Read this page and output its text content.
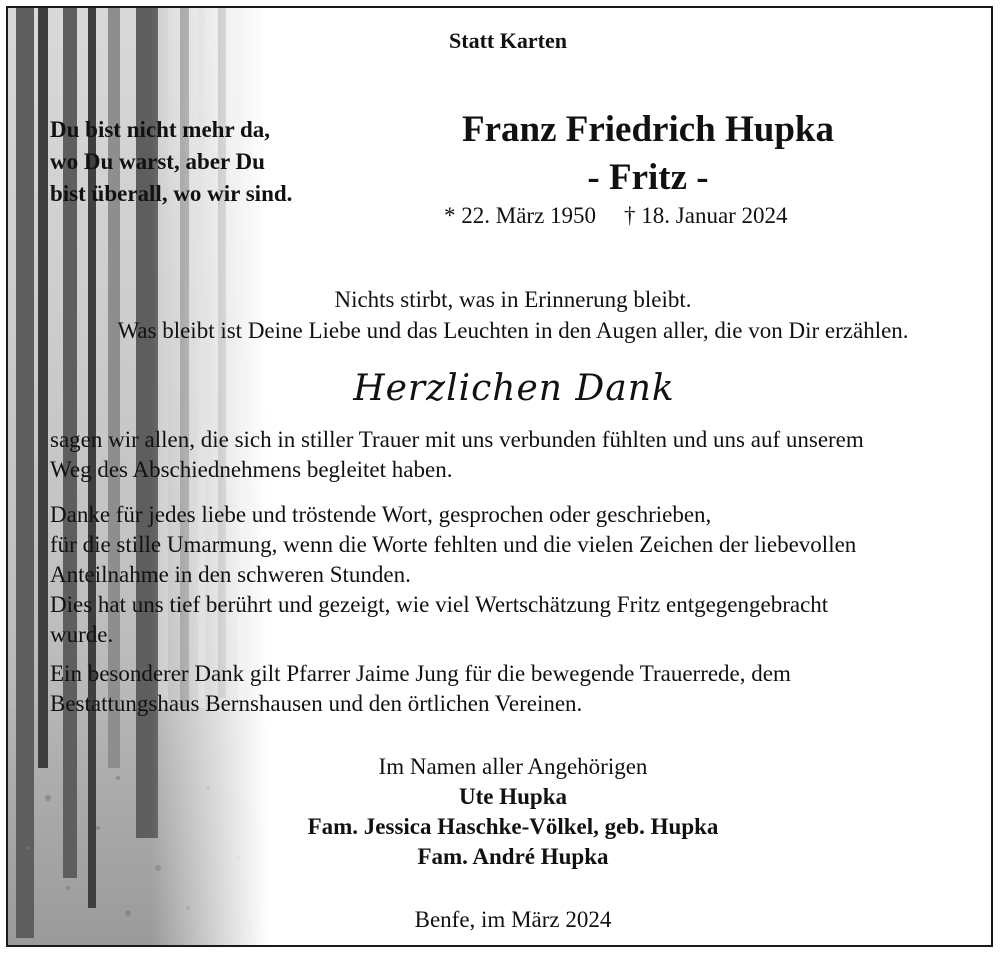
Statt Karten
Du bist nicht mehr da,
wo Du warst, aber Du
bist überall, wo wir sind.
Franz Friedrich Hupka
- Fritz -
* 22. März 1950 † 18. Januar 2024
Nichts stirbt, was in Erinnerung bleibt.
Was bleibt ist Deine Liebe und das Leuchten in den Augen aller, die von Dir erzählen.
Herzlichen Dank
sagen wir allen, die sich in stiller Trauer mit uns verbunden fühlten und uns auf unserem
Weg des Abschiednehmens begleitet haben.
Danke für jedes liebe und tröstende Wort, gesprochen oder geschrieben,
für die stille Umarmung, wenn die Worte fehlten und die vielen Zeichen der liebevollen
Anteilnahme in den schweren Stunden.
Dies hat uns tief berührt und gezeigt, wie viel Wertschätzung Fritz entgegengebracht
wurde.
Ein besonderer Dank gilt Pfarrer Jaime Jung für die bewegende Trauerrede, dem
Bestattungshaus Bernshausen und den örtlichen Vereinen.
Im Namen aller Angehörigen
Ute Hupka
Fam. Jessica Haschke-Völkel, geb. Hupka
Fam. André Hupka
Benfe, im März 2024
